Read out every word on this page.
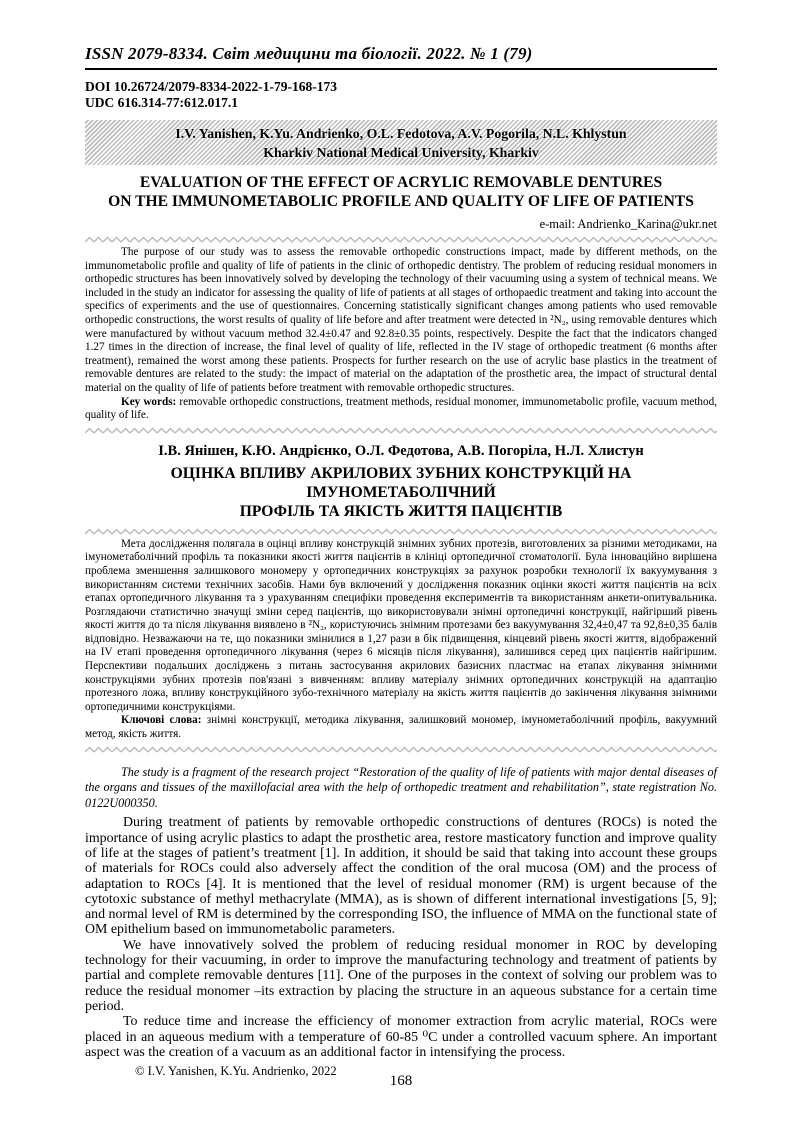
ISSN 2079-8334. Світ медицини та біології. 2022. № 1 (79)
DOI 10.26724/2079-8334-2022-1-79-168-173
UDC 616.314-77:612.017.1
I.V. Yanishen, K.Yu. Andrienko, O.L. Fedotova, A.V. Pogorila, N.L. Khlystun
Kharkiv National Medical University, Kharkiv
EVALUATION OF THE EFFECT OF ACRYLIC REMOVABLE DENTURES
ON THE IMMUNOMETABOLIC PROFILE AND QUALITY OF LIFE OF PATIENTS
e-mail: Andrienko_Karina@ukr.net

The purpose of our study was to assess the removable orthopedic constructions impact, made by different methods, on the immunometabolic profile and quality of life of patients in the clinic of orthopedic dentistry. The problem of reducing residual monomers in orthopedic structures has been innovatively solved by developing the technology of their vacuuming using a system of technical means. We included in the study an indicator for assessing the quality of life of patients at all stages of orthopaedic treatment and taking into account the specifics of experiments and the use of questionnaires. Concerning statistically significant changes among patients who used removable orthopedic constructions, the worst results of quality of life before and after treatment were detected in ²N₂, using removable dentures which were manufactured by without vacuum method 32.4±0.47 and 92.8±0.35 points, respectively. Despite the fact that the indicators changed 1.27 times in the direction of increase, the final level of quality of life, reflected in the IV stage of orthopedic treatment (6 months after treatment), remained the worst among these patients. Prospects for further research on the use of acrylic base plastics in the treatment of removable dentures are related to the study: the impact of material on the adaptation of the prosthetic area, the impact of structural dental material on the quality of life of patients before treatment with removable orthopedic structures.

Key words: removable orthopedic constructions, treatment methods, residual monomer, immunometabolic profile, vacuum method, quality of life.

І.В. Янішен, К.Ю. Андрієнко, О.Л. Федотова, А.В. Погоріла, Н.Л. Хлистун
ОЦІНКА ВПЛИВУ АКРИЛОВИХ ЗУБНИХ КОНСТРУКЦІЙ НА ІМУНОМЕТАБОЛІЧНИЙ
ПРОФІЛЬ ТА ЯКІСТЬ ЖИТТЯ ПАЦІЄНТІВ

Мета дослідження полягала в оцінці впливу конструкцій знімних зубних протезів, виготовлених за різними методиками, на імунометаболічний профіль та показники якості життя пацієнтів в клініці ортопедичної стоматології. Була інноваційно вирішена проблема зменшення залишкового мономеру у ортопедичних конструкціях за рахунок розробки технології їх вакуумування з використанням системи технічних засобів. Нами був включений у дослідження показник оцінки якості життя пацієнтів на всіх етапах ортопедичного лікування та з урахуванням специфіки проведення експериментів та використанням анкети-опитувальника. Розглядаючи статистично значущі зміни серед пацієнтів, що використовували знімні ортопедичні конструкції, найгірший рівень якості життя до та після лікування виявлено в ²N₂, користуючись знімним протезами без вакуумування 32,4±0,47 та 92,8±0,35 балів відповідно. Незважаючи на те, що показники змінилися в 1,27 рази в бік підвищення, кінцевий рівень якості життя, відображений на IV етапі проведення ортопедичного лікування (через 6 місяців після лікування), залишився серед цих пацієнтів найгіршим. Перспективи подальших досліджень з питань застосування акрилових базисних пластмас на етапах лікування знімними конструкціями зубних протезів пов'язані з вивченням: впливу матеріалу знімних ортопедичних конструкцій на адаптацію протезного ложа, впливу конструкційного зубо-технічного матеріалу на якість життя пацієнтів до закінчення лікування знімними ортопедичними конструкціями.

Ключові слова: знімні конструкції, методика лікування, залишковий мономер, імунометаболічний профіль, вакуумний метод, якість життя.

The study is a fragment of the research project “Restoration of the quality of life of patients with major dental diseases of the organs and tissues of the maxillofacial area with the help of orthopedic treatment and rehabilitation”, state registration No. 0122U000350.

During treatment of patients by removable orthopedic constructions of dentures (ROCs) is noted the importance of using acrylic plastics to adapt the prosthetic area, restore masticatory function and improve quality of life at the stages of patient’s treatment [1]. In addition, it should be said that taking into account these groups of materials for ROCs could also adversely affect the condition of the oral mucosa (OM) and the process of adaptation to ROCs [4]. It is mentioned that the level of residual monomer (RM) is urgent because of the cytotoxic substance of methyl methacrylate (MMA), as is shown of different international investigations [5, 9]; and normal level of RM is determined by the corresponding ISO, the influence of MMA on the functional state of OM epithelium based on immunometabolic parameters.

We have innovatively solved the problem of reducing residual monomer in ROC by developing technology for their vacuuming, in order to improve the manufacturing technology and treatment of patients by partial and complete removable dentures [11]. One of the purposes in the context of solving our problem was to reduce the residual monomer –its extraction by placing the structure in an aqueous substance for a certain time period.

To reduce time and increase the efficiency of monomer extraction from acrylic material, ROCs were placed in an aqueous medium with a temperature of 60-85 ⁰C under a controlled vacuum sphere. An important aspect was the creation of a vacuum as an additional factor in intensifying the process.

© I.V. Yanishen, K.Yu. Andrienko, 2022
168
